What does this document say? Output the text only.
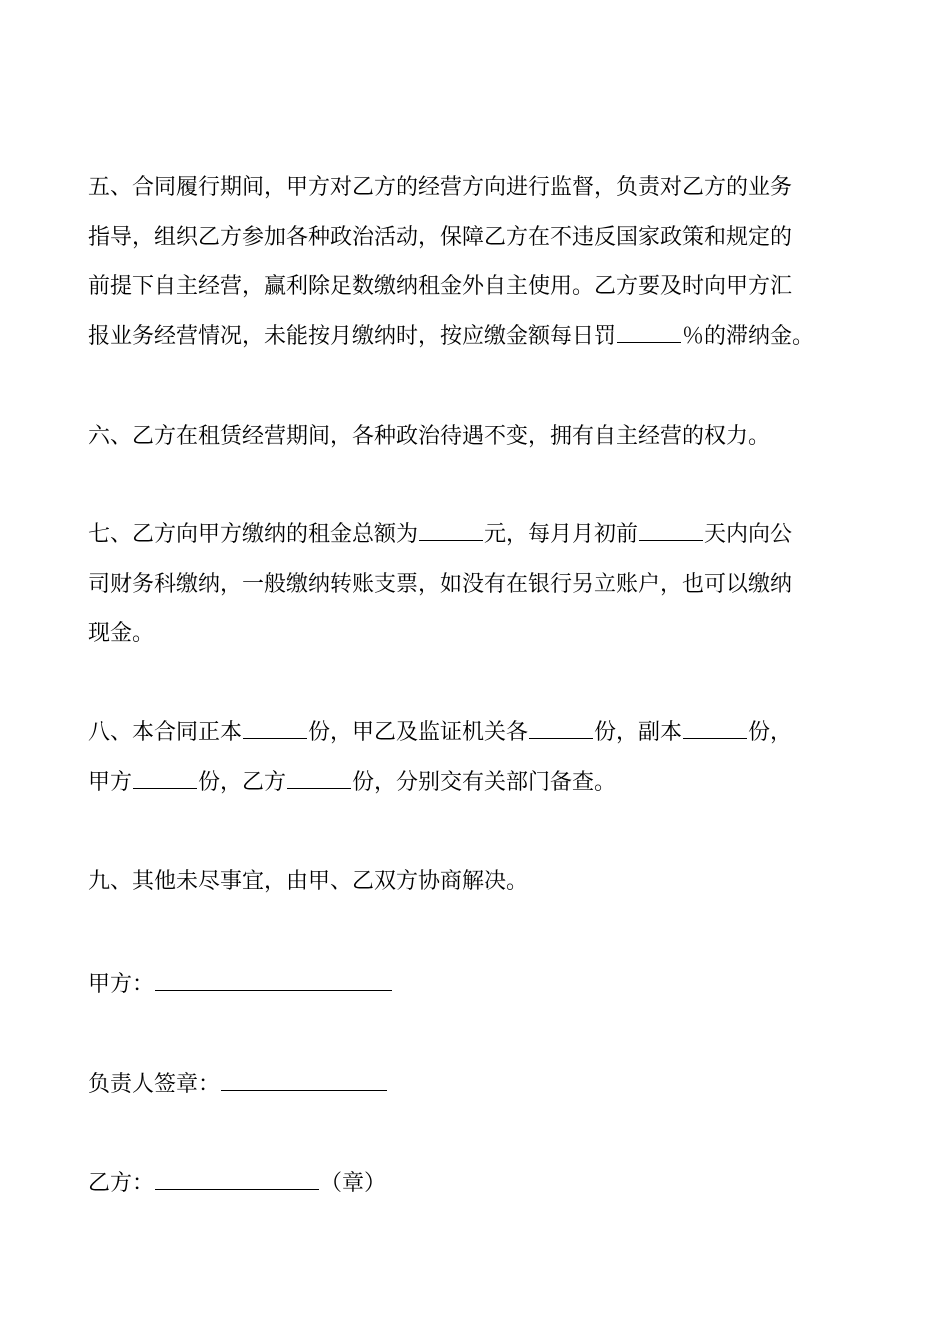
五、合同履行期间，甲方对乙方的经营方向进行监督，负责对乙方的业务
指导，组织乙方参加各种政治活动，保障乙方在不违反国家政策和规定的
前提下自主经营，赢利除足数缴纳租金外自主使用。乙方要及时向甲方汇
报业务经营情况，未能按月缴纳时，按应缴金额每日罚	％的滞纳金。
六、乙方在租赁经营期间，各种政治待遇不变，拥有自主经营的权力。
七、乙方向甲方缴纳的租金总额为	元，每月月初前	天内向公
司财务科缴纳，一般缴纳转账支票，如没有在银行另立账户，也可以缴纳
现金。
八、本合同正本	份，甲乙及监证机关各	份，副本	份，
甲方	份，乙方	份，分别交有关部门备查。
九、其他未尽事宜，由甲、乙双方协商解决。
甲方：
负责人签章：
乙方：	（章）
